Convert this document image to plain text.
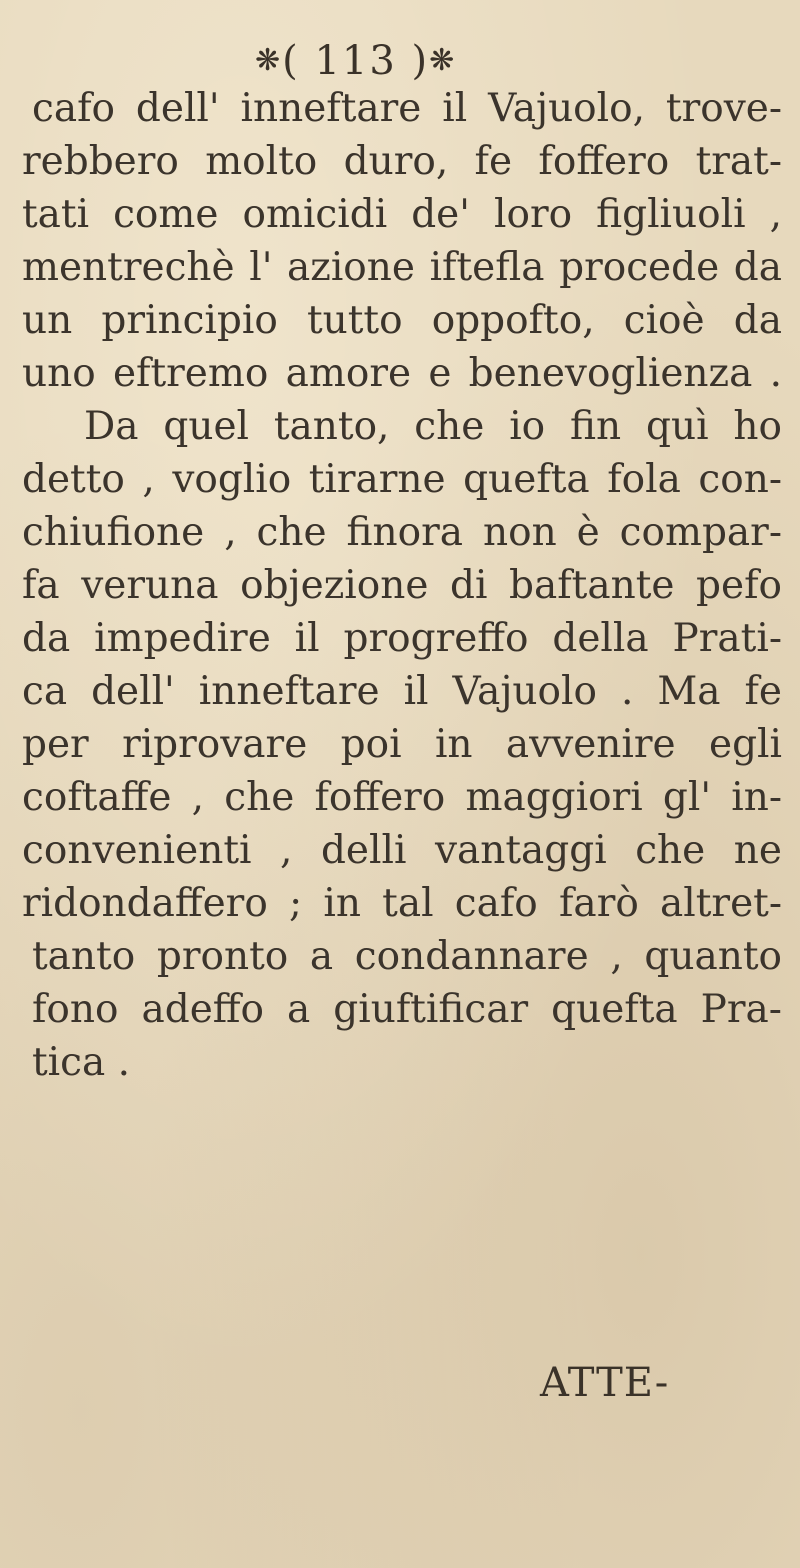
❋( 113 )❋
cafo dell' inneftare il Vajuolo, trove-
rebbero molto duro, fe foffero trat-
tati come omicidi de' loro figliuoli ,
mentrechè l' azione iftefla procede da
un principio tutto oppofto, cioè da
uno eftremo amore e benevoglienza .
Da quel tanto, che io fin quì ho
detto , voglio tirarne quefta fola con-
chiufione , che finora non è compar-
fa veruna objezione di baftante pefo
da impedire il progreffo della Prati-
ca dell' inneftare il Vajuolo . Ma fe
per riprovare poi in avvenire egli
coftaffe , che foffero maggiori gl' in-
convenienti , delli vantaggi che ne
ridondaffero ; in tal cafo farò altret-
tanto pronto a condannare , quanto
fono adeffo a giuftificar quefta Pra-
tica .
ATTE-
